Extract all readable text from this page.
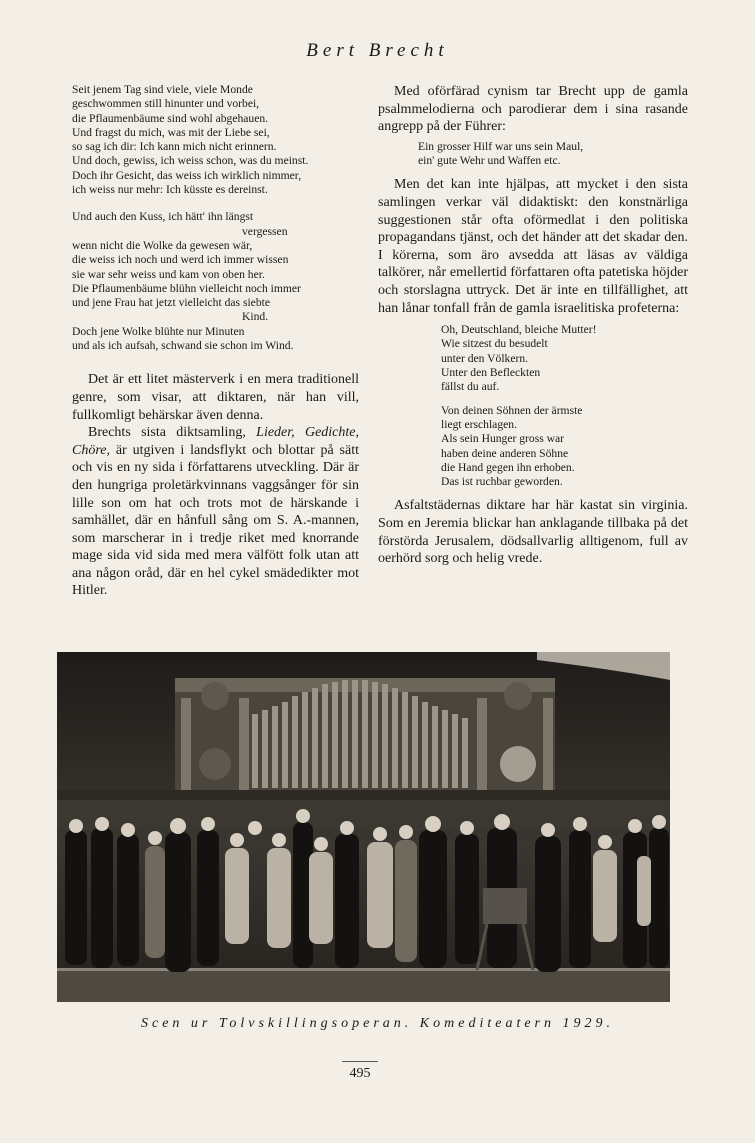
Bert Brecht
Seit jenem Tag sind viele, viele Monde
geschwommen still hinunter und vorbei,
die Pflaumenbäume sind wohl abgehauen.
Und fragst du mich, was mit der Liebe sei,
so sag ich dir: Ich kann mich nicht erinnern.
Und doch, gewiss, ich weiss schon, was du meinst.
Doch ihr Gesicht, das weiss ich wirklich nimmer,
ich weiss nur mehr: Ich küsste es dereinst.
Und auch den Kuss, ich hätt' ihn längst
vergessen
wenn nicht die Wolke da gewesen wär,
die weiss ich noch und werd ich immer wissen
sie war sehr weiss und kam von oben her.
Die Pflaumenbäume blühn vielleicht noch immer
und jene Frau hat jetzt vielleicht das siebte
Kind.
Doch jene Wolke blühte nur Minuten
und als ich aufsah, schwand sie schon im Wind.

Det är ett litet mästerverk i en mera traditionell genre, som visar, att diktaren, när han vill, fullkomligt behärskar även denna.

Brechts sista diktsamling, Lieder, Gedichte, Chöre, är utgiven i landsflykt och blottar på sätt och vis en ny sida i författarens utveckling. Där är den hungriga proletärkvinnans vaggsånger för sin lille son om hat och trots mot de härskande i samhället, där en hånfull sång om S. A.-mannen, som marscherar in i tredje riket med knorrande mage sida vid sida med mera välfött folk utan att ana någon oråd, där en hel cykel smädedikter mot Hitler.

Med oförfärad cynism tar Brecht upp de gamla psalmmelodierna och parodierar dem i sina rasande angrepp på der Führer:

Ein grosser Hilf war uns sein Maul,
ein' gute Wehr und Waffen etc.

Men det kan inte hjälpas, att mycket i den sista samlingen verkar väl didaktiskt: den konstnärliga suggestionen står ofta oförmedlat i den politiska propagandans tjänst, och det händer att det skadar den. I körerna, som äro avsedda att läsas av väldiga talkörer, når emellertid författaren ofta patetiska höjder och storslagna uttryck. Det är inte en tillfällighet, att han lånar tonfall från de gamla israelitiska profeterna:

Oh, Deutschland, bleiche Mutter!
Wie sitzest du besudelt
unter den Völkern.
Unter den Befleckten
fällst du auf.
Von deinen Söhnen der ärmste
liegt erschlagen.
Als sein Hunger gross war
haben deine anderen Söhne
die Hand gegen ihn erhoben.
Das ist ruchbar geworden.

Asfaltstädernas diktare har här kastat sin virginia. Som en Jeremia blickar han anklagande tillbaka på det förstörda Jerusalem, dödsallvarlig alltigenom, full av oerhörd sorg och helig vrede.

Scen ur Tolvskillingsoperan. Komediteatern 1929.
495
